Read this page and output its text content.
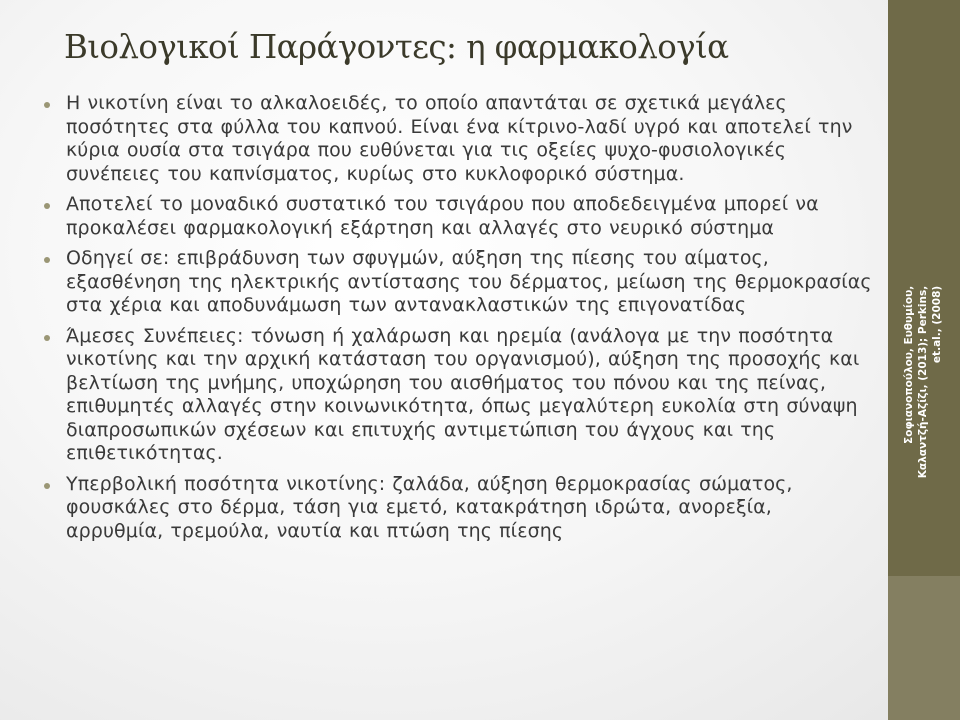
Βιολογικοί Παράγοντες: η φαρμακολογία
Η νικοτίνη είναι το αλκαλοειδές, το οποίο απαντάται σε σχετικά μεγάλες ποσότητες στα φύλλα του καπνού. Είναι ένα κίτρινο-λαδί υγρό και αποτελεί την κύρια ουσία στα τσιγάρα που ευθύνεται για τις οξείες ψυχο-φυσιολογικές συνέπειες του καπνίσματος, κυρίως στο κυκλοφορικό σύστημα.
Αποτελεί το μοναδικό συστατικό του τσιγάρου που αποδεδειγμένα μπορεί να προκαλέσει φαρμακολογική εξάρτηση και αλλαγές στο νευρικό σύστημα
Οδηγεί σε: επιβράδυνση των σφυγμών, αύξηση της πίεσης του αίματος, εξασθένηση της ηλεκτρικής αντίστασης του δέρματος, μείωση της θερμοκρασίας στα χέρια και αποδυνάμωση των αντανακλαστικών της επιγονατίδας
Άμεσες Συνέπειες: τόνωση ή χαλάρωση και ηρεμία (ανάλογα με την ποσότητα νικοτίνης και την αρχική κατάσταση του οργανισμού), αύξηση της προσοχής και βελτίωση της μνήμης, υποχώρηση του αισθήματος του πόνου και της πείνας, επιθυμητές αλλαγές στην κοινωνικότητα, όπως μεγαλύτερη ευκολία στη σύναψη διαπροσωπικών σχέσεων και επιτυχής αντιμετώπιση του άγχους και της επιθετικότητας.
Υπερβολική ποσότητα νικοτίνης: ζαλάδα, αύξηση θερμοκρασίας σώματος, φουσκάλες στο δέρμα, τάση για εμετό, κατακράτηση ιδρώτα, ανορεξία, αρρυθμία, τρεμούλα, ναυτία και πτώση της πίεσης
Σοφιανοπούλου, Ευθυμίου,
Καλαντζή-Αζίζι, (2013); Perkins,
et.al., (2008)
